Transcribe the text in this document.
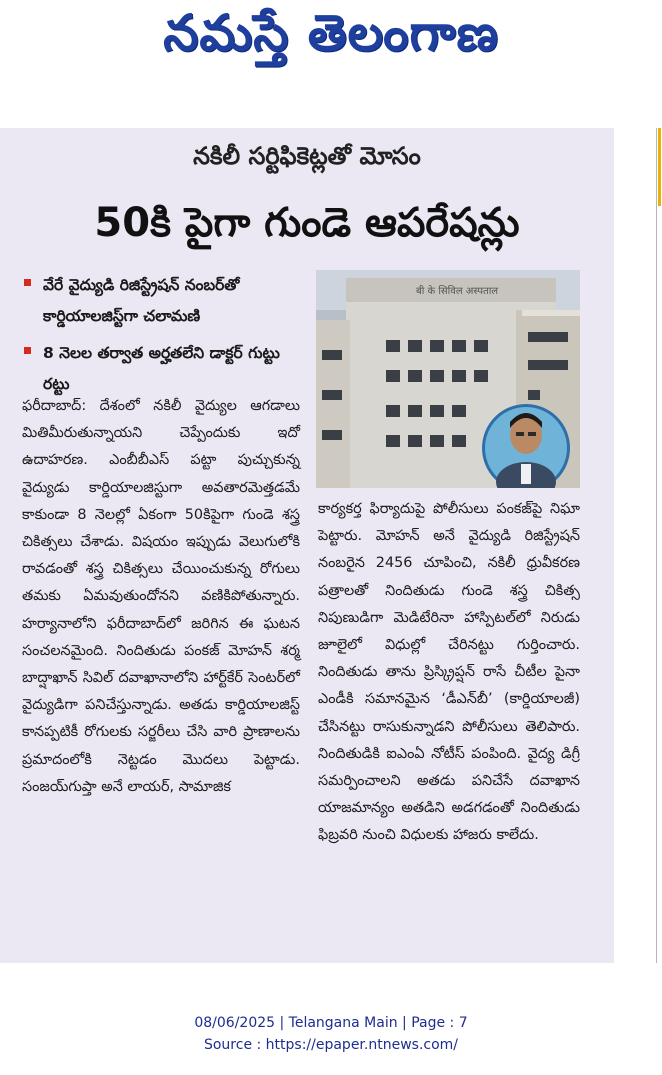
నమస్తే తెలంగాణ
నకిలీ సర్టిఫికెట్లతో మోసం
50కి పైగా గుండె ఆపరేషన్లు
వేరే వైద్యుడి రిజిస్ట్రేషన్ నంబర్‌తో కార్డియాలజిస్ట్‌గా చలామణి
8 నెలల తర్వాత అర్హతలేని డాక్టర్ గుట్టు రట్టు
बी के सिविल अस्पताल
ఫరీదాబాద్: దేశంలో నకిలీ వైద్యుల ఆగడాలు మితిమీరుతున్నాయని చెప్పేందుకు ఇదో ఉదాహరణ. ఎంబీబీఎస్ పట్టా పుచ్చుకున్న వైద్యుడు కార్డియాలజిస్టుగా అవతారమెత్తడమే కాకుండా 8 నెలల్లో ఏకంగా 50కిపైగా గుండె శస్త్ర చికిత్సలు చేశాడు. విషయం ఇప్పుడు వెలుగులోకి రావడంతో శస్త్ర చికిత్సలు చేయించుకున్న రోగులు తమకు ఏమవుతుందోనని వణికిపోతున్నారు. హర్యానాలోని ఫరీదాబాద్‌లో జరిగిన ఈ ఘటన సంచలనమైంది. నిందితుడు పంకజ్ మోహన్ శర్మ బాద్షాఖాన్ సివిల్ దవాఖానాలోని హార్ట్‌కేర్ సెంటర్‌లో వైద్యుడిగా పనిచేస్తున్నాడు. అతడు కార్డియాలజిస్ట్ కానప్పటికీ రోగులకు సర్జరీలు చేసి వారి ప్రాణాలను ప్రమాదంలోకి నెట్టడం మొదలు పెట్టాడు. సంజయ్‌గుప్తా అనే లాయర్, సామాజిక
కార్యకర్త ఫిర్యాదుపై పోలీసులు పంకజ్‌పై నిఘా పెట్టారు. మోహన్ అనే వైద్యుడి రిజిస్ట్రేషన్ నంబరైన 2456 చూపించి, నకిలీ ధ్రువీకరణ పత్రాలతో నిందితుడు గుండె శస్త్ర చికిత్స నిపుణుడిగా మెడిటేరినా హాస్పిటల్‌లో నిరుడు జూలైలో విధుల్లో చేరినట్టు గుర్తించారు. నిందితుడు తాను ప్రిస్క్రిప్షన్ రాసే చీటీల పైనా ఎండీకి సమానమైన ‘డీఎన్‌బీ’ (కార్డియాలజీ) చేసినట్టు రాసుకున్నాడని పోలీసులు తెలిపారు. నిందితుడికి ఐఎంఏ నోటీస్ పంపింది. వైద్య డిగ్రీ సమర్పించాలని అతడు పనిచేసే దవాఖాన యాజమాన్యం అతడిని అడగడంతో నిందితుడు ఫిబ్రవరి నుంచి విధులకు హాజరు కాలేదు.
08/06/2025 | Telangana Main | Page : 7
Source : https://epaper.ntnews.com/
